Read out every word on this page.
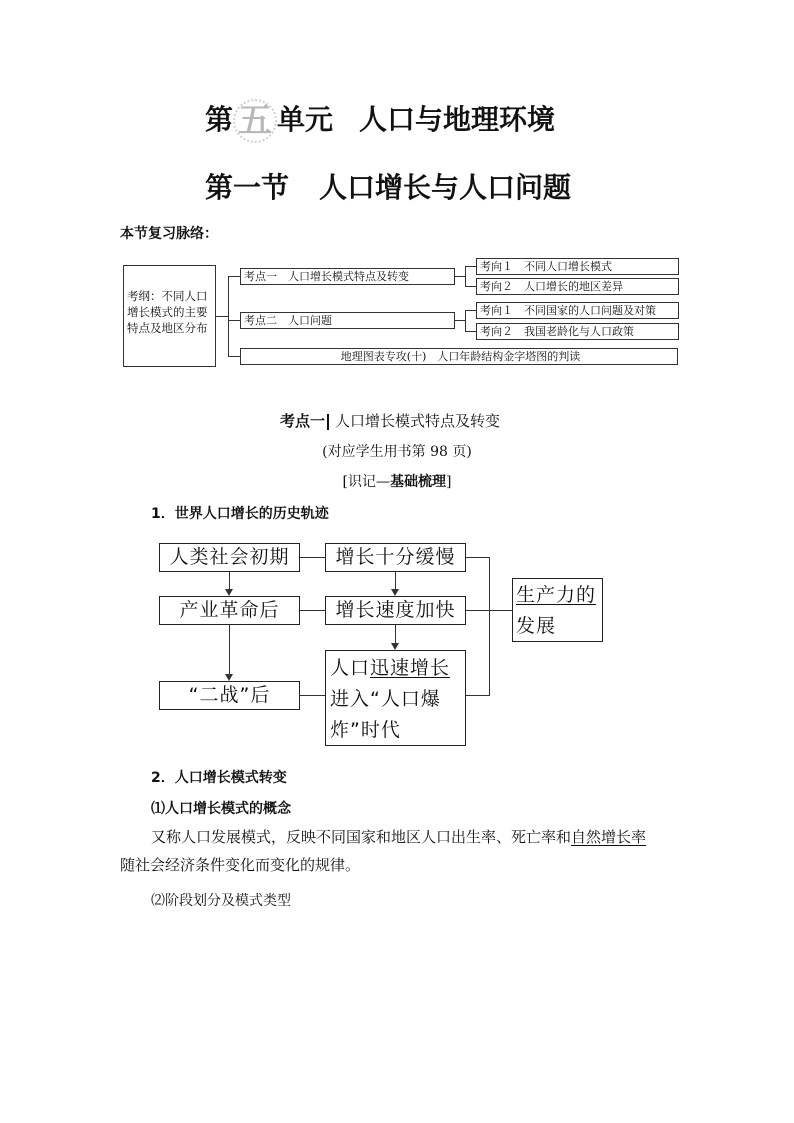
第 五 单元 人口与地理环境
第一节 人口增长与人口问题
本节复习脉络：
考纲：不同人口增长模式的主要特点及地区分布
考点一　人口增长模式特点及转变
考点二　人口问题
地理图表专攻(十)　人口年龄结构金字塔图的判读
考向１　不同人口增长模式
考向２　人口增长的地区差异
考向１　不同国家的人口问题及对策
考向２　我国老龄化与人口政策
考点一 人口增长模式特点及转变
(对应学生用书第 98 页)
[识记—基础梳理]
1．世界人口增长的历史轨迹
人类社会初期
产业革命后
“二战”后
增长十分缓慢
增长速度加快
人口迅速增长
进入“人口爆炸”时代
生产力的
发展
2．人口增长模式转变
⑴人口增长模式的概念
又称人口发展模式，反映不同国家和地区人口出生率、死亡率和自然增长率
随社会经济条件变化而变化的规律。
⑵阶段划分及模式类型
